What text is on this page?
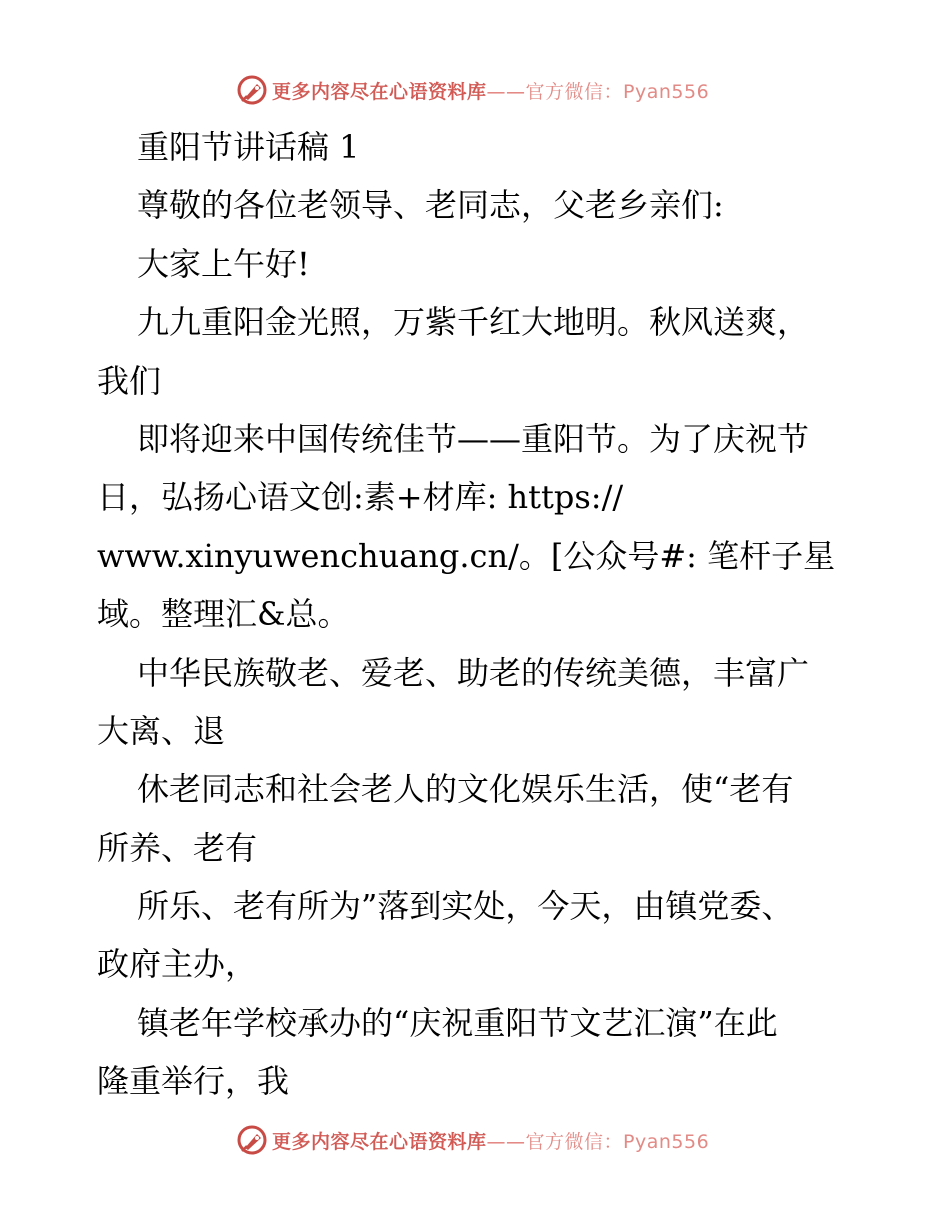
更多内容尽在心语资料库——官方微信：Pyan556
重阳节讲话稿 1
尊敬的各位老领导、老同志，父老乡亲们:
大家上午好!
九九重阳金光照，万紫千红大地明。秋风送爽，
我们
即将迎来中国传统佳节——重阳节。为了庆祝节
日，弘扬心语文创:素+材库: https://
www.xinyuwenchuang.cn/。[公众号#: 笔杆子星
域。整理汇&总。
中华民族敬老、爱老、助老的传统美德，丰富广
大离、退
休老同志和社会老人的文化娱乐生活，使“老有
所养、老有
所乐、老有所为”落到实处，今天，由镇党委、
政府主办，
镇老年学校承办的“庆祝重阳节文艺汇演”在此
隆重举行，我
更多内容尽在心语资料库——官方微信：Pyan556
